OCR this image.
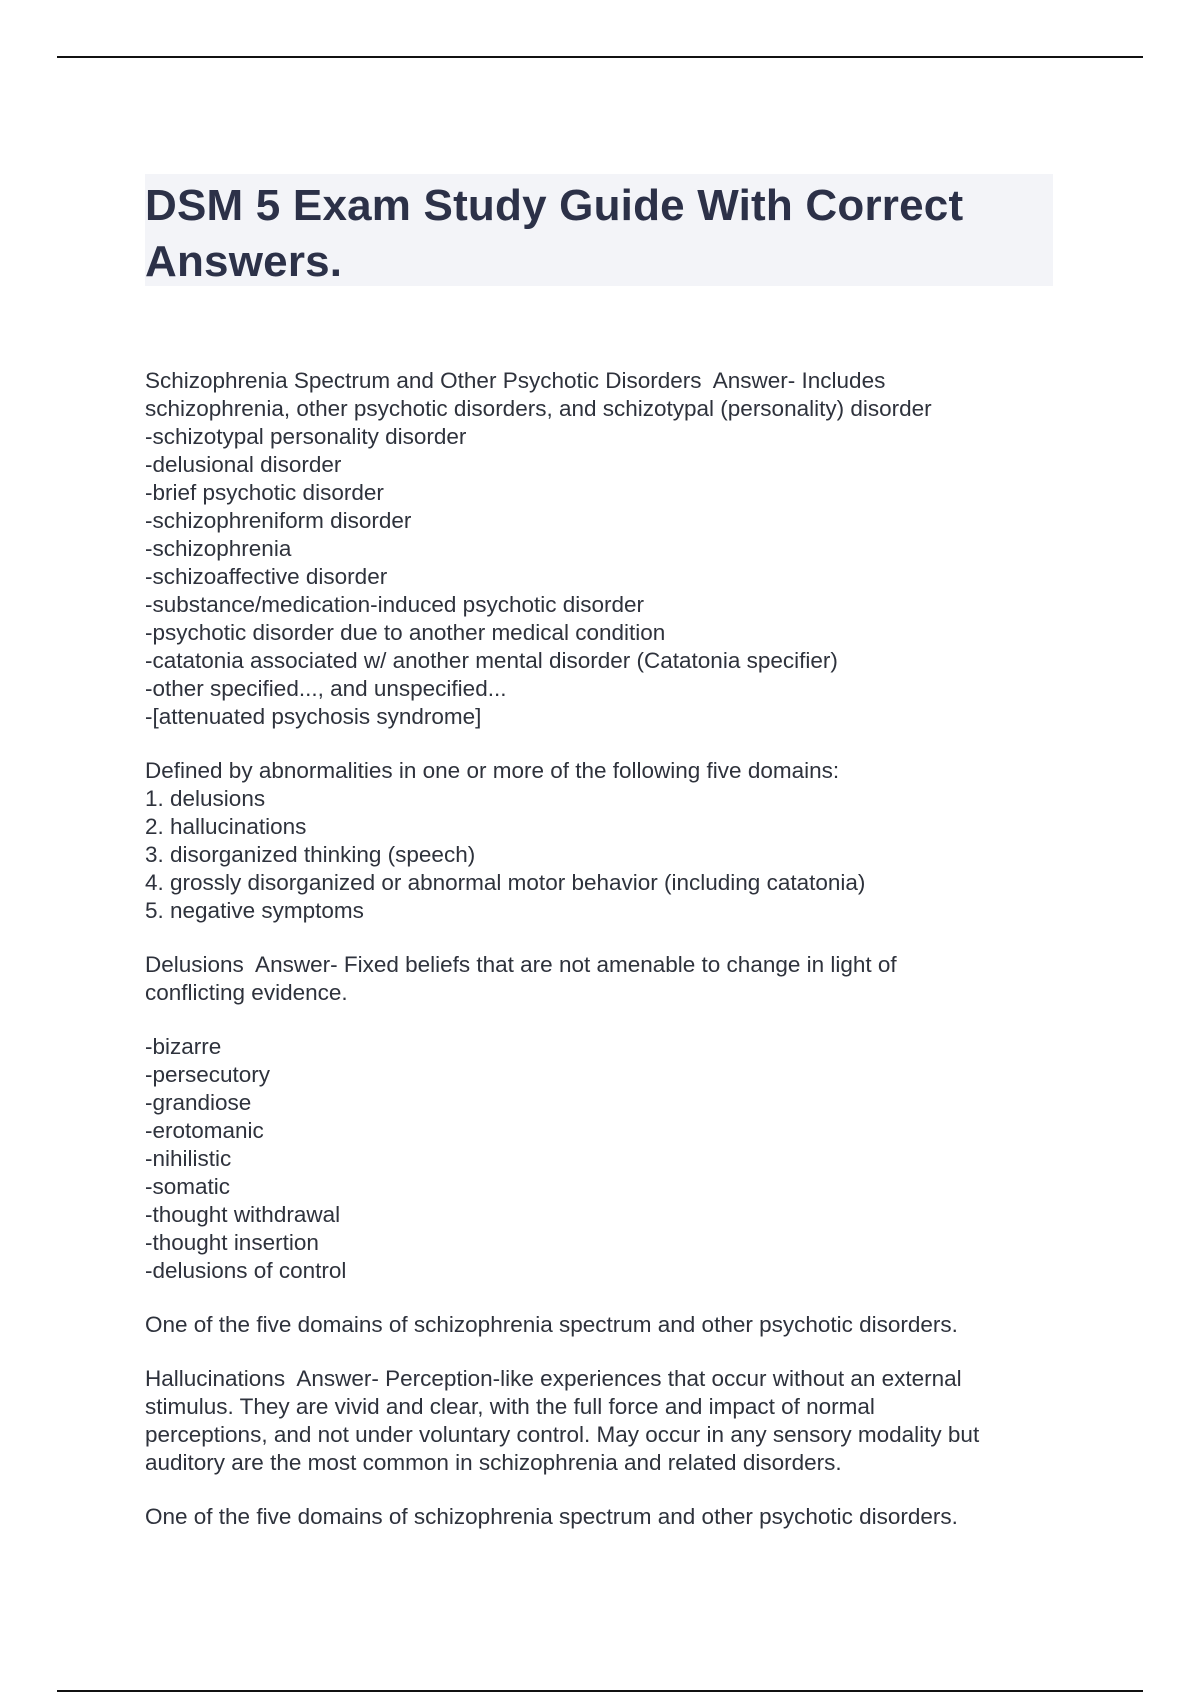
DSM 5 Exam Study Guide With Correct Answers.
Schizophrenia Spectrum and Other Psychotic Disorders  Answer- Includes
schizophrenia, other psychotic disorders, and schizotypal (personality) disorder
-schizotypal personality disorder
-delusional disorder
-brief psychotic disorder
-schizophreniform disorder
-schizophrenia
-schizoaffective disorder
-substance/medication-induced psychotic disorder
-psychotic disorder due to another medical condition
-catatonia associated w/ another mental disorder (Catatonia specifier)
-other specified..., and unspecified...
-[attenuated psychosis syndrome]
Defined by abnormalities in one or more of the following five domains:
1. delusions
2. hallucinations
3. disorganized thinking (speech)
4. grossly disorganized or abnormal motor behavior (including catatonia)
5. negative symptoms
Delusions  Answer- Fixed beliefs that are not amenable to change in light of
conflicting evidence.
-bizarre
-persecutory
-grandiose
-erotomanic
-nihilistic
-somatic
-thought withdrawal
-thought insertion
-delusions of control
One of the five domains of schizophrenia spectrum and other psychotic disorders.
Hallucinations  Answer- Perception-like experiences that occur without an external
stimulus. They are vivid and clear, with the full force and impact of normal
perceptions, and not under voluntary control. May occur in any sensory modality but
auditory are the most common in schizophrenia and related disorders.
One of the five domains of schizophrenia spectrum and other psychotic disorders.
